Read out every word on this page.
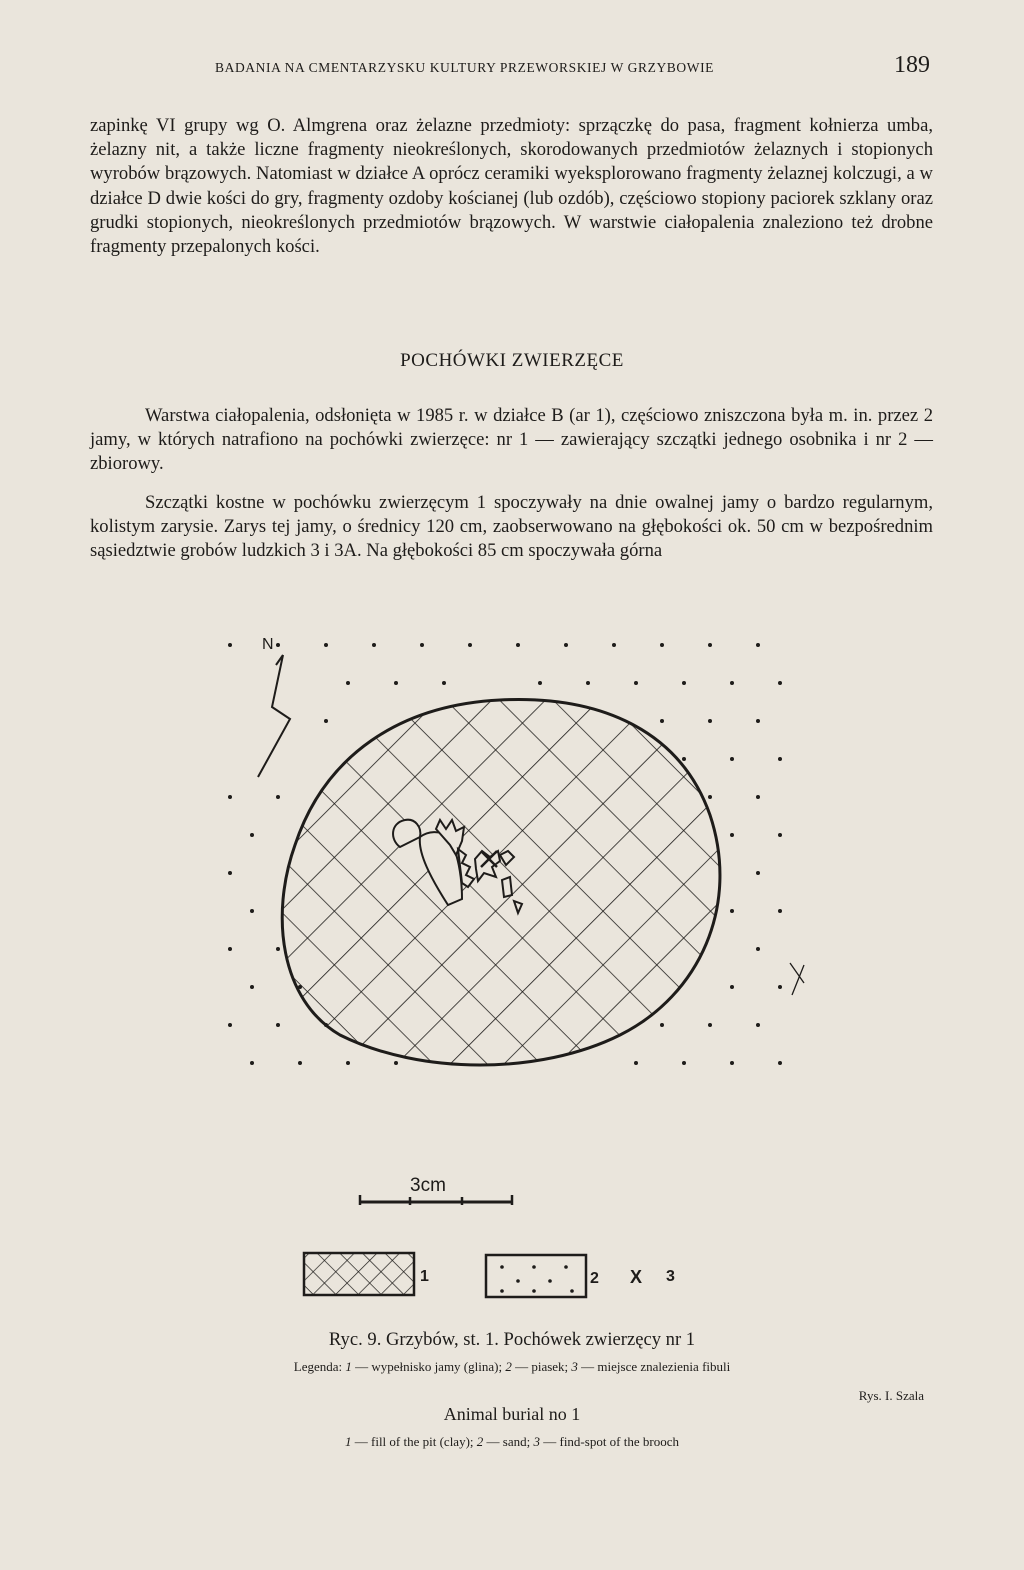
BADANIA NA CMENTARZYSKU KULTURY PRZEWORSKIEJ W GRZYBOWIE	189

zapinkę VI grupy wg O. Almgrena oraz żelazne przedmioty: sprzączkę do pasa, fragment kołnierza umba, żelazny nit, a także liczne fragmenty nieokreślonych, skorodowanych przedmiotów żelaznych i stopionych wyrobów brązowych. Natomiast w działce A oprócz ceramiki wyeksplorowano fragmenty żelaznej kolczugi, a w działce D dwie kości do gry, fragmenty ozdoby kościanej (lub ozdób), częściowo stopiony paciorek szklany oraz grudki stopionych, nieokreślonych przedmiotów brązowych. W warstwie ciałopalenia znaleziono też drobne fragmenty przepalonych kości.

POCHÓWKI ZWIERZĘCE

Warstwa ciałopalenia, odsłonięta w 1985 r. w działce B (ar 1), częściowo zniszczona była m. in. przez 2 jamy, w których natrafiono na pochówki zwierzęce: nr 1 — zawierający szczątki jednego osobnika i nr 2 — zbiorowy.

Szczątki kostne w pochówku zwierzęcym 1 spoczywały na dnie owalnej jamy o bardzo regularnym, kolistym zarysie. Zarys tej jamy, o średnicy 120 cm, zaobserwowano na głębokości ok. 50 cm w bezpośrednim sąsiedztwie grobów ludzkich 3 i 3A. Na głębokości 85 cm spoczywała górna

N
3cm
1	2 X 3
Ryc. 9. Grzybów, st. 1. Pochówek zwierzęcy nr 1
Legenda: 1 — wypełnisko jamy (glina); 2 — piasek; 3 — miejsce znalezienia fibuli
Rys. I. Szala
Animal burial no 1
1 — fill of the pit (clay); 2 — sand; 3 — find-spot of the brooch
